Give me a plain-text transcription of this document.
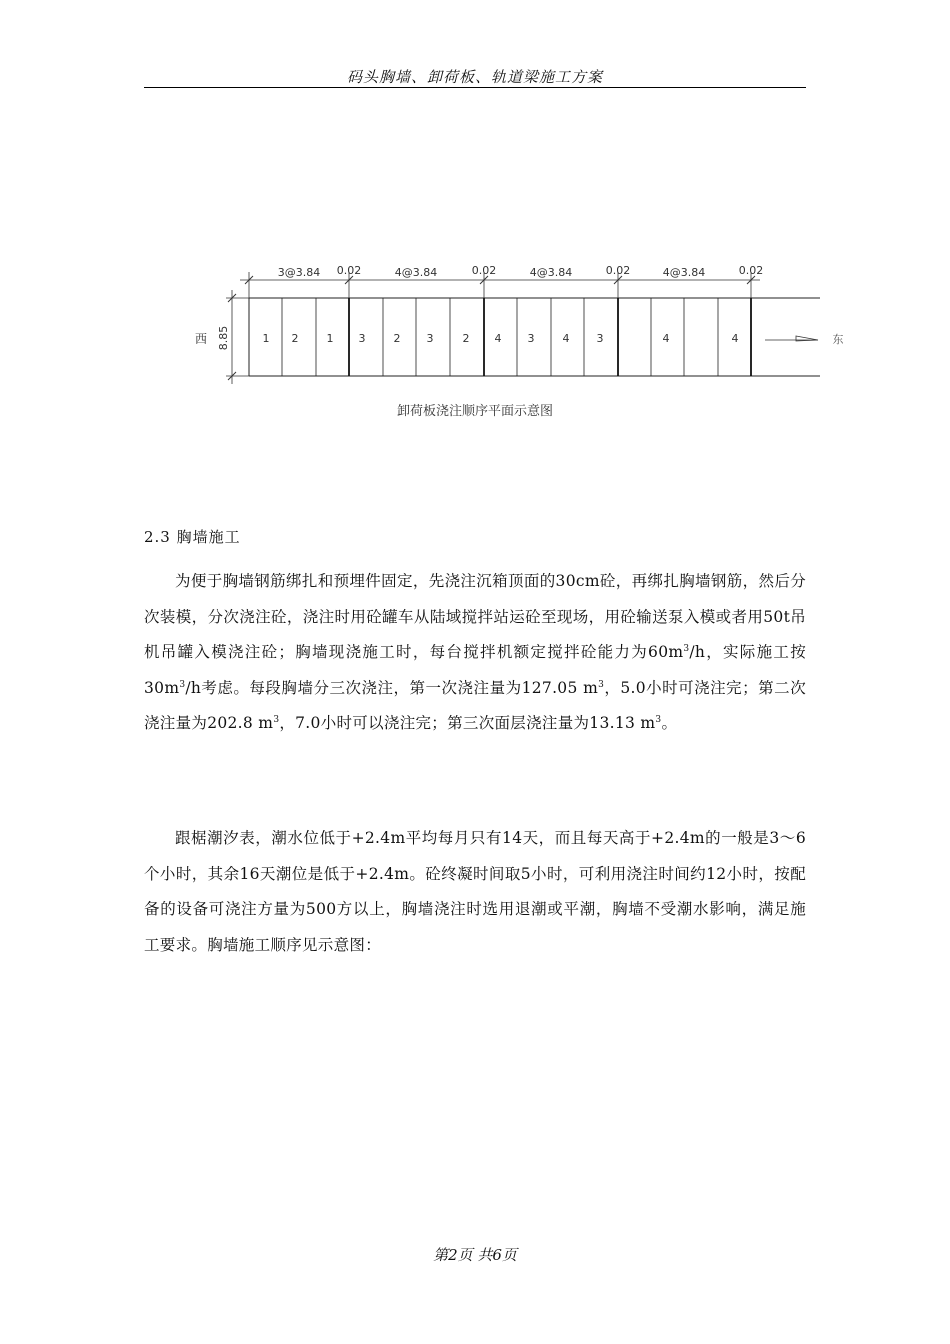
码头胸墙、卸荷板、轨道梁施工方案
3@3.84 0.02	4@3.84	0.02	4@3.84	0.02	4@3.84	0.02
8.85
西	1 2	1 3	2 3	2 4 3	4 3	4	4	东
卸荷板浇注顺序平面示意图
2.3 胸墙施工
为便于胸墙钢筋绑扎和预埋件固定，先浇注沉箱顶面的30cm砼，再绑扎胸墙钢筋，然后分次装模，分次浇注砼，浇注时用砼罐车从陆域搅拌站运砼至现场，用砼输送泵入模或者用50t吊机吊罐入模浇注砼；胸墙现浇施工时，每台搅拌机额定搅拌砼能力为$60m^3/h$，实际施工按$30m^3/h$考虑。每段胸墙分三次浇注，第一次浇注量为127.05 $m^3$，5.0小时可浇注完；第二次浇注量为202.8 $m^3$，7.0小时可以浇注完；第三次面层浇注量为13.13 $m^3$。
跟椐潮汐表，潮水位低于+2.4m平均每月只有14天，而且每天高于+2.4m的一般是3～6个小时，其余16天潮位是低于+2.4m。砼终凝时间取5小时，可利用浇注时间约12小时，按配备的设备可浇注方量为500方以上，胸墙浇注时选用退潮或平潮，胸墙不受潮水影响，满足施工要求。胸墙施工顺序见示意图：
第2页 共6页
